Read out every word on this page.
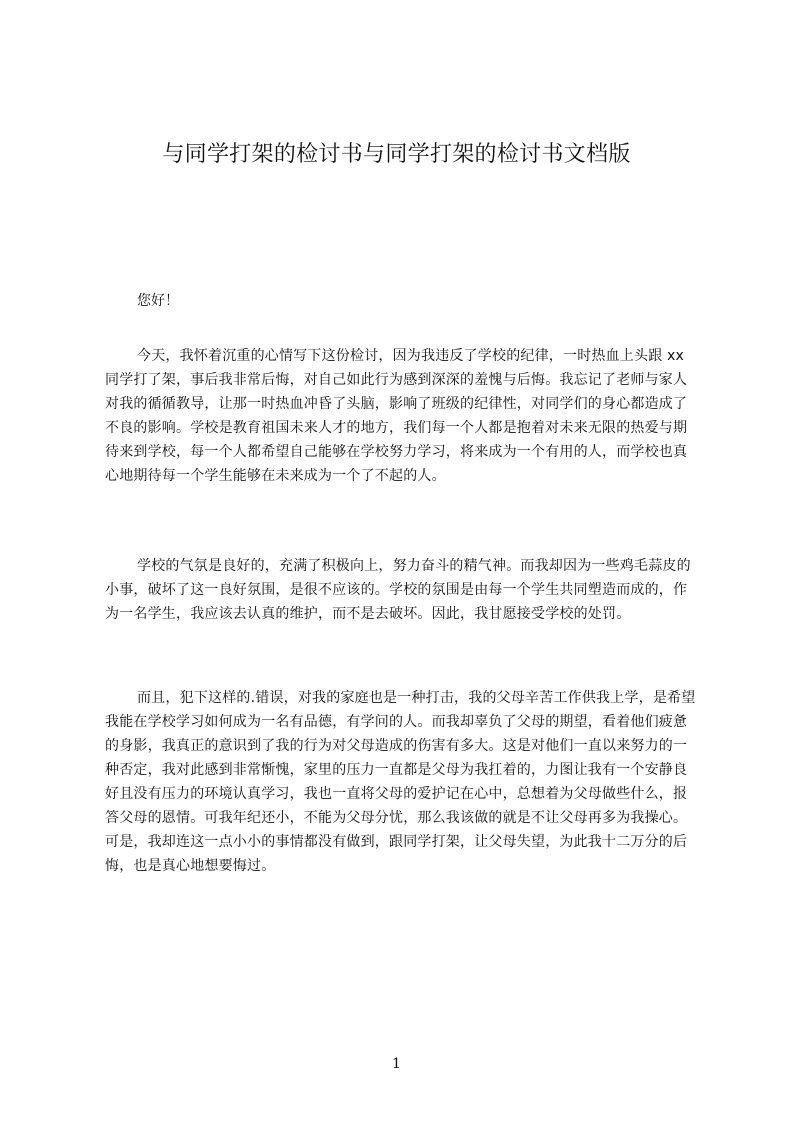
与同学打架的检讨书与同学打架的检讨书文档版
您好！
今天，我怀着沉重的心情写下这份检讨，因为我违反了学校的纪律，一时热血上头跟 xx 同学打了架，事后我非常后悔，对自己如此行为感到深深的羞愧与后悔。我忘记了老师与家人对我的循循教导，让那一时热血冲昏了头脑，影响了班级的纪律性，对同学们的身心都造成了不良的影响。学校是教育祖国未来人才的地方，我们每一个人都是抱着对未来无限的热爱与期待来到学校，每一个人都希望自己能够在学校努力学习，将来成为一个有用的人，而学校也真心地期待每一个学生能够在未来成为一个了不起的人。
学校的气氛是良好的，充满了积极向上，努力奋斗的精气神。而我却因为一些鸡毛蒜皮的小事，破坏了这一良好氛围，是很不应该的。学校的氛围是由每一个学生共同塑造而成的，作为一名学生，我应该去认真的维护，而不是去破坏。因此，我甘愿接受学校的处罚。
而且，犯下这样的.错误，对我的家庭也是一种打击，我的父母辛苦工作供我上学，是希望我能在学校学习如何成为一名有品德，有学问的人。而我却辜负了父母的期望，看着他们疲惫的身影，我真正的意识到了我的行为对父母造成的伤害有多大。这是对他们一直以来努力的一种否定，我对此感到非常惭愧，家里的压力一直都是父母为我扛着的，力图让我有一个安静良好且没有压力的环境认真学习，我也一直将父母的爱护记在心中，总想着为父母做些什么，报答父母的恩情。可我年纪还小，不能为父母分忧，那么我该做的就是不让父母再多为我操心。可是，我却连这一点小小的事情都没有做到，跟同学打架，让父母失望，为此我十二万分的后悔，也是真心地想要悔过。
1
